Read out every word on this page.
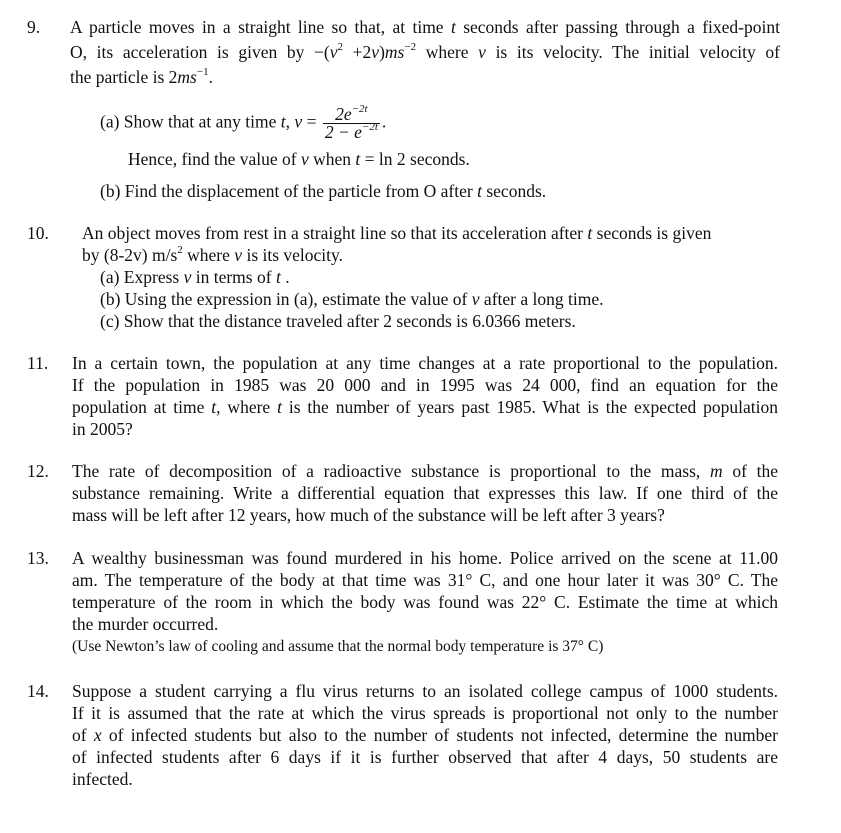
9. A particle moves in a straight line so that, at time t seconds after passing through a fixed-point
O, its acceleration is given by $-(v^2 +2v)ms^{-2}$ where v is its velocity. The initial velocity of
the particle is $2ms^{-1}$.
(a) Show that at any time t, $v = \frac{2e^{-2t}}{2 - e^{-2t}}$ .
Hence, find the value of v when t = ln 2 seconds.
(b) Find the displacement of the particle from O after t seconds.
10. An object moves from rest in a straight line so that its acceleration after t seconds is given
by (8-2v) $m/s^2$ where v is its velocity.
(a) Express v in terms of t .
(b) Using the expression in (a), estimate the value of v after a long time.
(c) Show that the distance traveled after 2 seconds is 6.0366 meters.
11. In a certain town, the population at any time changes at a rate proportional to the population.
If the population in 1985 was 20 000 and in 1995 was 24 000, find an equation for the
population at time t, where t is the number of years past 1985. What is the expected population
in 2005?
12. The rate of decomposition of a radioactive substance is proportional to the mass, m of the
substance remaining. Write a differential equation that expresses this law. If one third of the
mass will be left after 12 years, how much of the substance will be left after 3 years?
13. A wealthy businessman was found murdered in his home. Police arrived on the scene at 11.00
am. The temperature of the body at that time was 31° C, and one hour later it was 30° C. The
temperature of the room in which the body was found was 22° C. Estimate the time at which
the murder occurred.
(Use Newton’s law of cooling and assume that the normal body temperature is 37° C)
14. Suppose a student carrying a flu virus returns to an isolated college campus of 1000 students.
If it is assumed that the rate at which the virus spreads is proportional not only to the number
of x of infected students but also to the number of students not infected, determine the number
of infected students after 6 days if it is further observed that after 4 days, 50 students are
infected.
